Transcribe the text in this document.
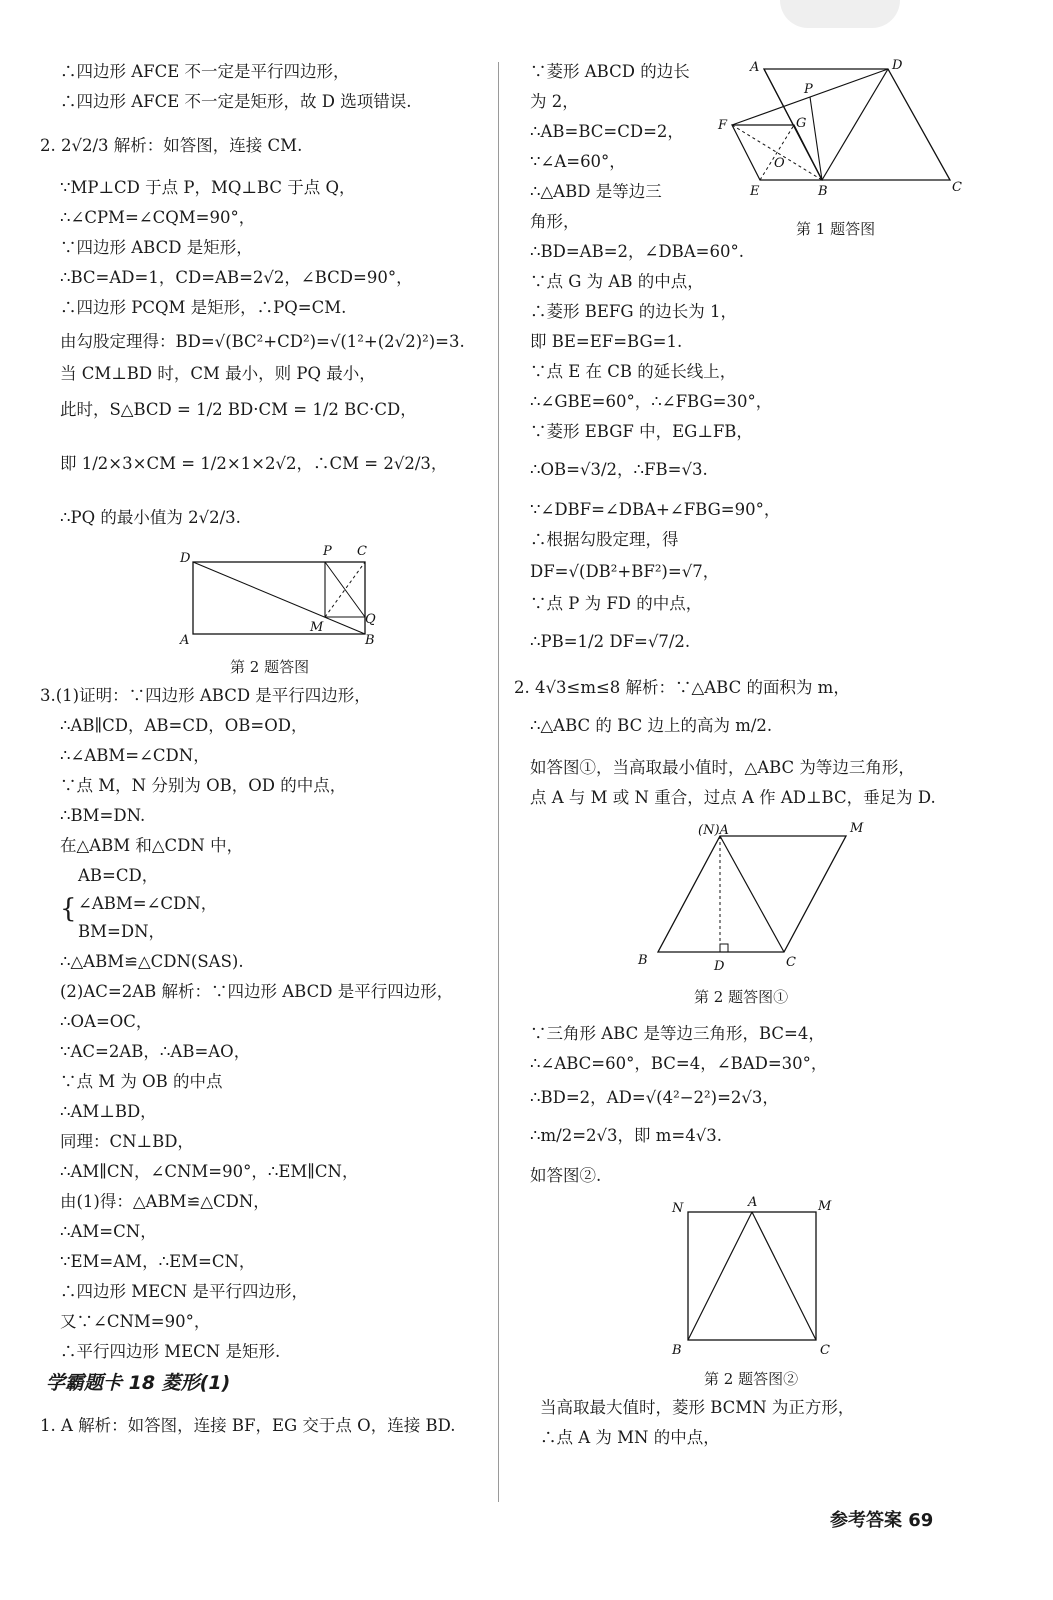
∴四边形 AFCE 不一定是平行四边形，
∴四边形 AFCE 不一定是矩形，故 D 选项错误.
2. 2√2/3 解析：如答图，连接 CM.
∵MP⊥CD 于点 P，MQ⊥BC 于点 Q，
∴∠CPM=∠CQM=90°，
∵四边形 ABCD 是矩形，
∴BC=AD=1，CD=AB=2√2，∠BCD=90°，
∴四边形 PCQM 是矩形，∴PQ=CM.
由勾股定理得：BD=√(BC²+CD²)=√(1²+(2√2)²)=3.
当 CM⊥BD 时，CM 最小，则 PQ 最小，
此时，S△BCD = 1/2 BD·CM = 1/2 BC·CD，
即 1/2×3×CM = 1/2×1×2√2，∴CM = 2√2/3，
∴PQ 的最小值为 2√2/3.
D	P C
Q
M
A	B
第 2 题答图
3.(1)证明：∵四边形 ABCD 是平行四边形，
∴AB∥CD，AB=CD，OB=OD，
∴∠ABM=∠CDN，
∵点 M，N 分别为 OB，OD 的中点，
∴BM=DN.
在△ABM 和△CDN 中，
{
AB=CD，
∠ABM=∠CDN，
BM=DN，
∴△ABM≌△CDN(SAS).
(2)AC=2AB 解析：∵四边形 ABCD 是平行四边形，
∴OA=OC，
∵AC=2AB，∴AB=AO，
∵点 M 为 OB 的中点
∴AM⊥BD，
同理：CN⊥BD，
∴AM∥CN，∠CNM=90°，∴EM∥CN，
由(1)得：△ABM≌△CDN，
∴AM=CN，
∵EM=AM，∴EM=CN，
∴四边形 MECN 是平行四边形，
又∵∠CNM=90°，
∴平行四边形 MECN 是矩形.
学霸题卡 18 菱形(1)
1. A 解析：如答图，连接 BF，EG 交于点 O，连接 BD.
∵菱形 ABCD 的边长
为 2，
∴AB=BC=CD=2，
∵∠A=60°，
∴△ABD 是等边三
角形，
∴BD=AB=2，∠DBA=60°.
∵点 G 为 AB 的中点，
∴菱形 BEFG 的边长为 1，
即 BE=EF=BG=1.
∵点 E 在 CB 的延长线上，
∴∠GBE=60°，∴∠FBG=30°，
∵菱形 EBGF 中，EG⊥FB，
∴OB=√3/2，∴FB=√3.
∵∠DBF=∠DBA+∠FBG=90°，
∴根据勾股定理，得
DF=√(DB²+BF²)=√7，
∵点 P 为 FD 的中点，
∴PB=1/2 DF=√7/2.
A	D
P
G
F
O
E	B	C
第 1 题答图
2. 4√3≤m≤8 解析：∵△ABC 的面积为 m，
∴△ABC 的 BC 边上的高为 m/2.
如答图①，当高取最小值时，△ABC 为等边三角形，
点 A 与 M 或 N 重合，过点 A 作 AD⊥BC，垂足为 D.
(N)A	M
B	D	C
第 2 题答图①
∵三角形 ABC 是等边三角形，BC=4，
∴∠ABC=60°，BC=4，∠BAD=30°，
∴BD=2，AD=√(4²−2²)=2√3，
∴m/2=2√3，即 m=4√3.
如答图②.
N	A	M
B	C
第 2 题答图②
当高取最大值时，菱形 BCMN 为正方形，
∴点 A 为 MN 的中点，
参考答案 69
